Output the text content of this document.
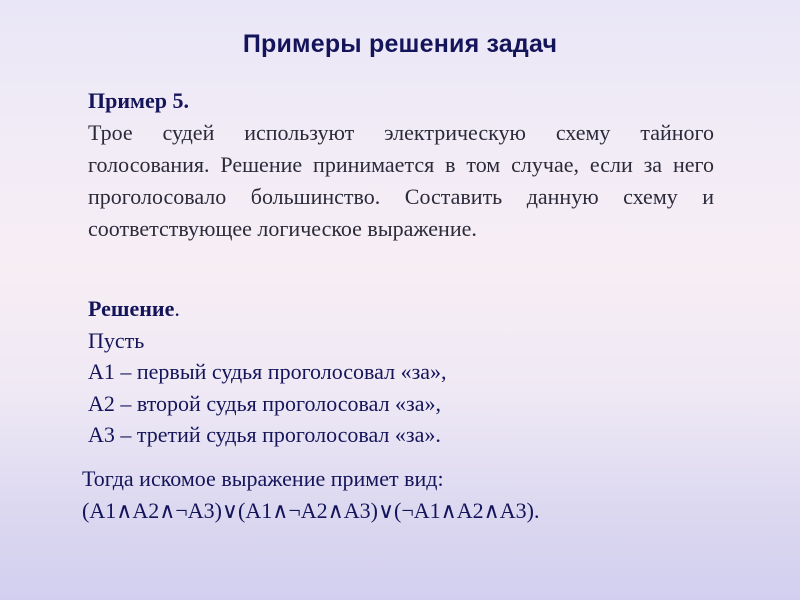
Примеры решения задач
Пример 5.
Трое судей используют электрическую схему тайного голосования. Решение принимается в том случае, если за него проголосовало большинство. Составить данную схему и соответствующее логическое выражение.
Решение.
Пусть
А1 – первый судья проголосовал «за»,
А2 – второй судья проголосовал «за»,
А3 – третий судья проголосовал «за».
Тогда искомое выражение примет вид:
(А1∧А2∧¬А3)∨(А1∧¬А2∧А3)∨(¬А1∧А2∧А3).
